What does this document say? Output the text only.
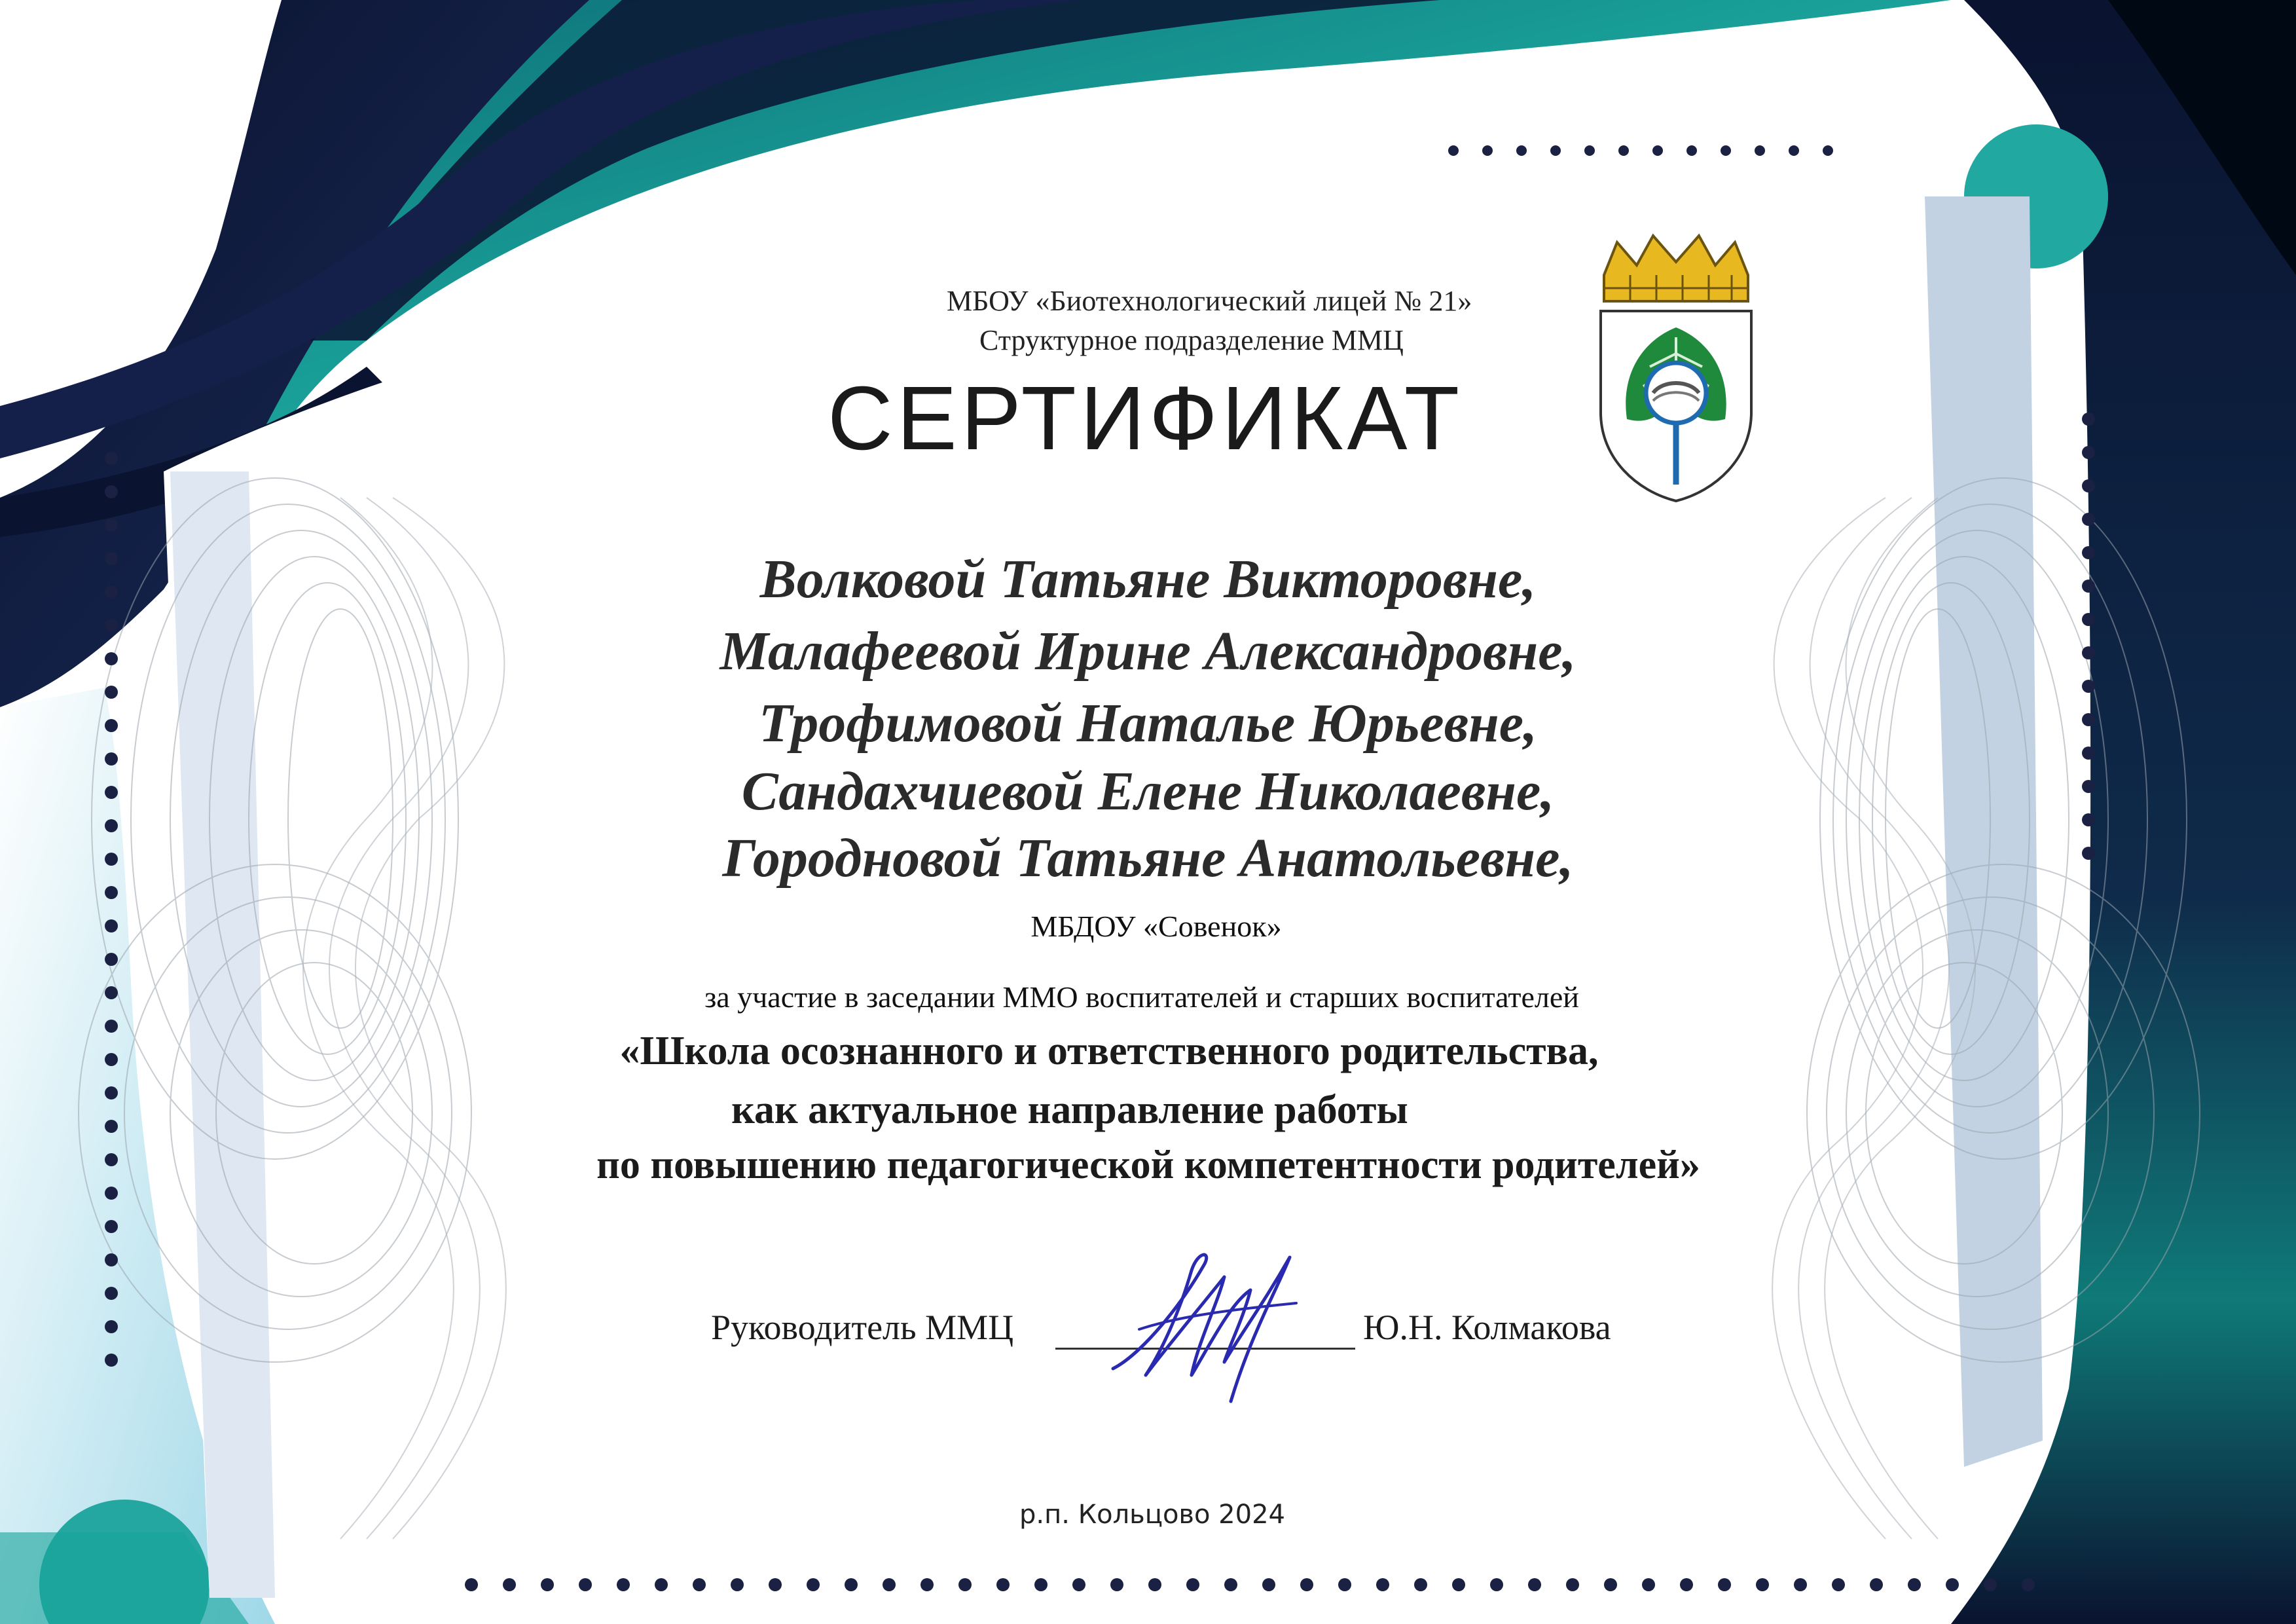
МБОУ «Биотехнологический лицей № 21»
Структурное подразделение ММЦ
СЕРТИФИКАТ
Волковой Татьяне Викторовне,
Малафеевой Ирине Александровне,
Трофимовой Наталье Юрьевне,
Сандахчиевой Елене Николаевне,
Городновой Татьяне Анатольевне,
МБДОУ «Совенок»
за участие в заседании ММО воспитателей и старших воспитателей
«Школа осознанного и ответственного родительства,
как актуальное направление работы
по повышению педагогической компетентности родителей»
Руководитель ММЦ	Ю.Н. Колмакова
р.п. Кольцово 2024
